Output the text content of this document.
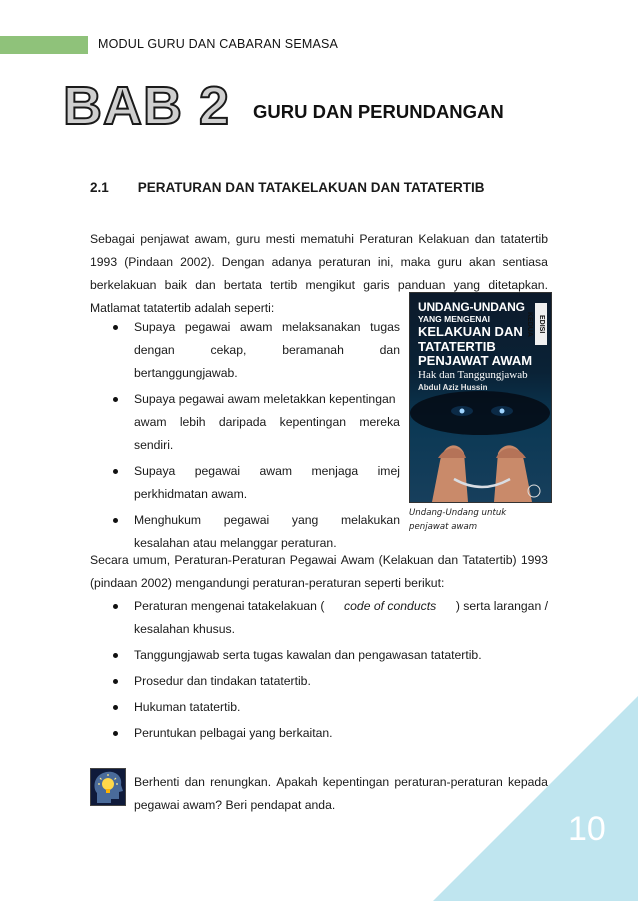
MODUL GURU DAN CABARAN SEMASA
BAB 2 GURU DAN PERUNDANGAN
2.1 PERATURAN DAN TATAKELAKUAN DAN TATATERTIB
Sebagai penjawat awam, guru mesti mematuhi Peraturan Kelakuan dan tatatertib
1993 (Pindaan 2002). Dengan adanya peraturan ini, maka guru akan sentiasa
berkelakuan baik dan bertata tertib mengikut garis panduan yang ditetapkan.
Matlamat tatatertib adalah seperti:
Supaya pegawai awam melaksanakan tugas
dengan	cekap,	beramanah	dan
bertanggungjawab.
Supaya pegawai awam meletakkan kepentingan
awam lebih daripada kepentingan mereka
sendiri.
Supaya pegawai awam menjaga imej
perkhidmatan awam.
Menghukum pegawai yang melakukan
kesalahan atau melanggar peraturan.
UNDANG-UNDANG
YANG MENGENAI
KELAKUAN DAN
TATATERTIB
PENJAWAT AWAM
Hak dan Tanggungjawab
Abdul Aziz Hussin
EDISI KEDUA
Undang-Undang untuk
penjawat awam
Secara umum, Peraturan-Peraturan Pegawai Awam (Kelakuan dan Tatatertib) 1993
(pindaan 2002) mengandungi peraturan-peraturan seperti berikut:
Peraturan mengenai tatakelakuan ( code of conducts ) serta larangan /
kesalahan khusus.
Tanggungjawab serta tugas kawalan dan pengawasan tatatertib.
Prosedur dan tindakan tatatertib.
Hukuman tatatertib.
Peruntukan pelbagai yang berkaitan.
10
Berhenti dan renungkan. Apakah kepentingan peraturan-peraturan kepada
pegawai awam? Beri pendapat anda.
